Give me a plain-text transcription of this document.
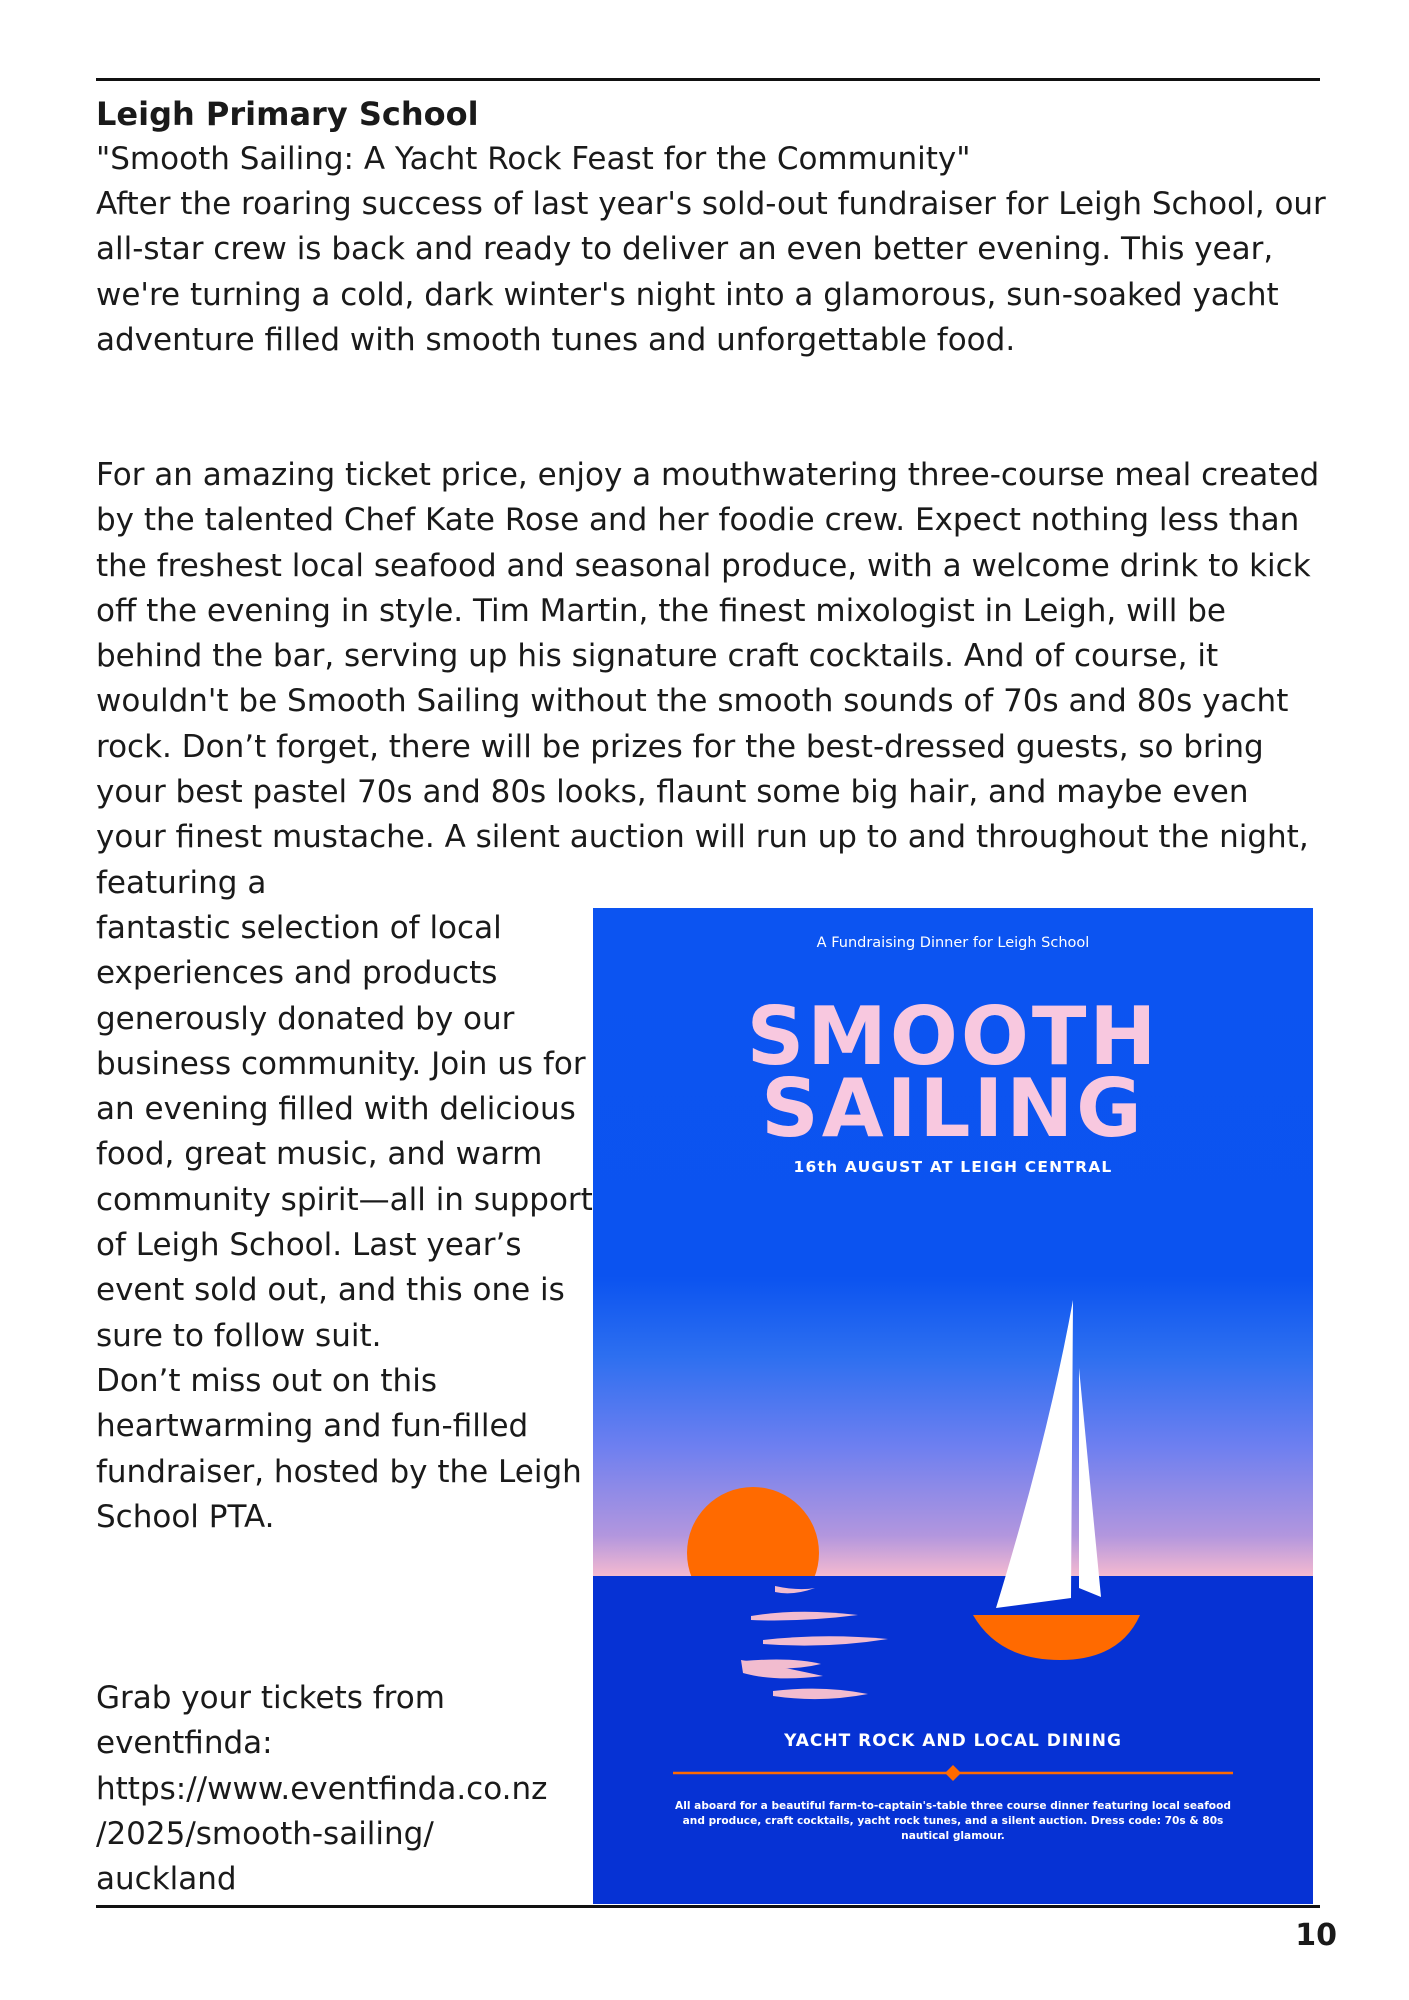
Leigh Primary School

"Smooth Sailing: A Yacht Rock Feast for the Community"

After the roaring success of last year's sold-out fundraiser for Leigh School, our all-star crew is back and ready to deliver an even better evening. This year, we're turning a cold, dark winter's night into a glamorous, sun-soaked yacht adventure filled with smooth tunes and unforgettable food.

For an amazing ticket price, enjoy a mouthwatering three-course meal created by the talented Chef Kate Rose and her foodie crew. Expect nothing less than the freshest local seafood and seasonal produce, with a welcome drink to kick off the evening in style. Tim Martin, the finest mixologist in Leigh, will be behind the bar, serving up his signature craft cocktails. And of course, it wouldn't be Smooth Sailing without the smooth sounds of 70s and 80s yacht rock. Don’t forget, there will be prizes for the best-dressed guests, so bring your best pastel 70s and 80s looks, flaunt some big hair, and maybe even your finest mustache. A silent auction will run up to and throughout the night, featuring a

fantastic selection of local experiences and products generously donated by our business community. Join us for an evening filled with delicious food, great music, and warm community spirit—all in support of Leigh School. Last year’s event sold out, and this one is sure to follow suit.
Don’t miss out on this heartwarming and fun-filled fundraiser, hosted by the Leigh School PTA.

Grab your tickets from eventfinda: https://www.eventfinda.co.nz
/2025/smooth-sailing/
auckland

A Fundraising Dinner for Leigh School

SMOOTH

SAILING

16th AUGUST AT LEIGH CENTRAL

YACHT ROCK AND LOCAL DINING

All aboard for a beautiful farm-to-captain's-table three course dinner featuring local seafood and produce, craft cocktails, yacht rock tunes, and a silent auction. Dress code: 70s & 80s nautical glamour.

10
